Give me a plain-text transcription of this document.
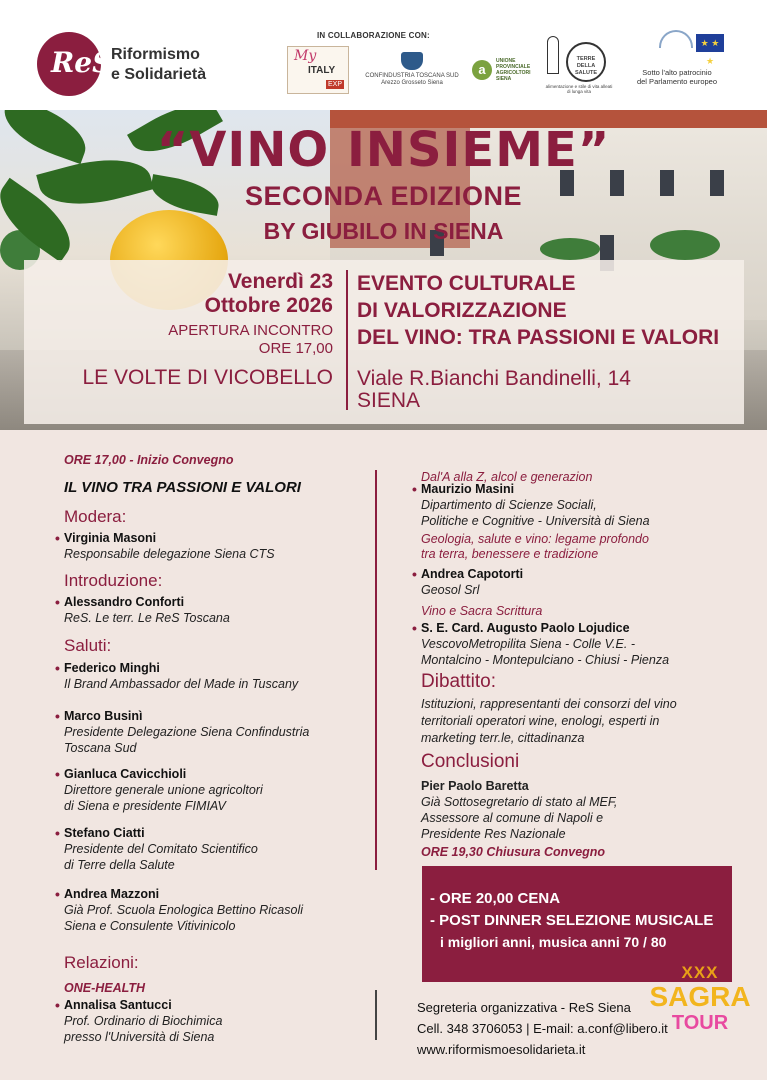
ReS
Riformismo
e Solidarietà
IN COLLABORAZIONE CON:
My
ITALY
EXP
CONFINDUSTRIA TOSCANA SUD
Arezzo Grosseto Siena
a
UNIONE PROVINCIALE AGRICOLTORI SIENA
TERRE
DELLA
SALUTE
alimentazione e stile di vita alleati di lunga vita
★ ★ ★
Sotto l'alto patrocinio
del Parlamento europeo
“VINO INSIEME”
SECONDA EDIZIONE
BY GIUBILO IN SIENA
Venerdì 23
Ottobre 2026
APERTURA INCONTRO
ORE 17,00
LE VOLTE DI VICOBELLO
EVENTO CULTURALE
DI VALORIZZAZIONE
DEL VINO: TRA PASSIONI E VALORI
Viale R.Bianchi Bandinelli, 14
SIENA
ORE 17,00 - Inizio Convegno
IL VINO TRA PASSIONI E VALORI
Modera:
• Virginia Masoni
Responsabile delegazione Siena CTS
Introduzione:
• Alessandro Conforti
ReS. Le terr. Le ReS Toscana
Saluti:
• Federico Minghi
Il Brand Ambassador del Made in Tuscany
• Marco Businì
Presidente Delegazione Siena Confindustria
Toscana Sud
• Gianluca Cavicchioli
Direttore generale unione agricoltori
di Siena e presidente FIMIAV
• Stefano Ciatti
Presidente del Comitato Scientifico
di Terre della Salute
• Andrea Mazzoni
Già Prof. Scuola Enologica Bettino Ricasoli
Siena e Consulente Vitivinicolo
Relazioni:
ONE-HEALTH
• Annalisa Santucci
Prof. Ordinario di Biochimica
presso l'Università di Siena
Dal'A alla Z, alcol e generazion
• Maurizio Masini
Dipartimento di Scienze Sociali,
Politiche e Cognitive - Università di Siena
Geologia, salute e vino: legame profondo
tra terra, benessere e tradizione
• Andrea Capotorti
Geosol Srl
Vino e Sacra Scrittura
• S. E. Card. Augusto Paolo Lojudice
VescovoMetropilita Siena - Colle V.E. -
Montalcino - Montepulciano - Chiusi - Pienza
Dibattito:
Istituzioni, rappresentanti dei consorzi del vino
territoriali operatori wine, enologi, esperti in
marketing terr.le, cittadinanza
Conclusioni
Pier Paolo Baretta
Già Sottosegretario di stato al MEF,
Assessore al comune di Napoli e
Presidente Res Nazionale
ORE 19,30 Chiusura Convegno
- ORE 20,00 CENA
- POST DINNER SELEZIONE MUSICALE
i migliori anni, musica anni 70 / 80
Segreteria organizzativa - ReS Siena
Cell. 348 3706053 | E-mail: a.conf@libero.it
www.riformismoesolidarieta.it
XXX
SAGRA
TOUR
